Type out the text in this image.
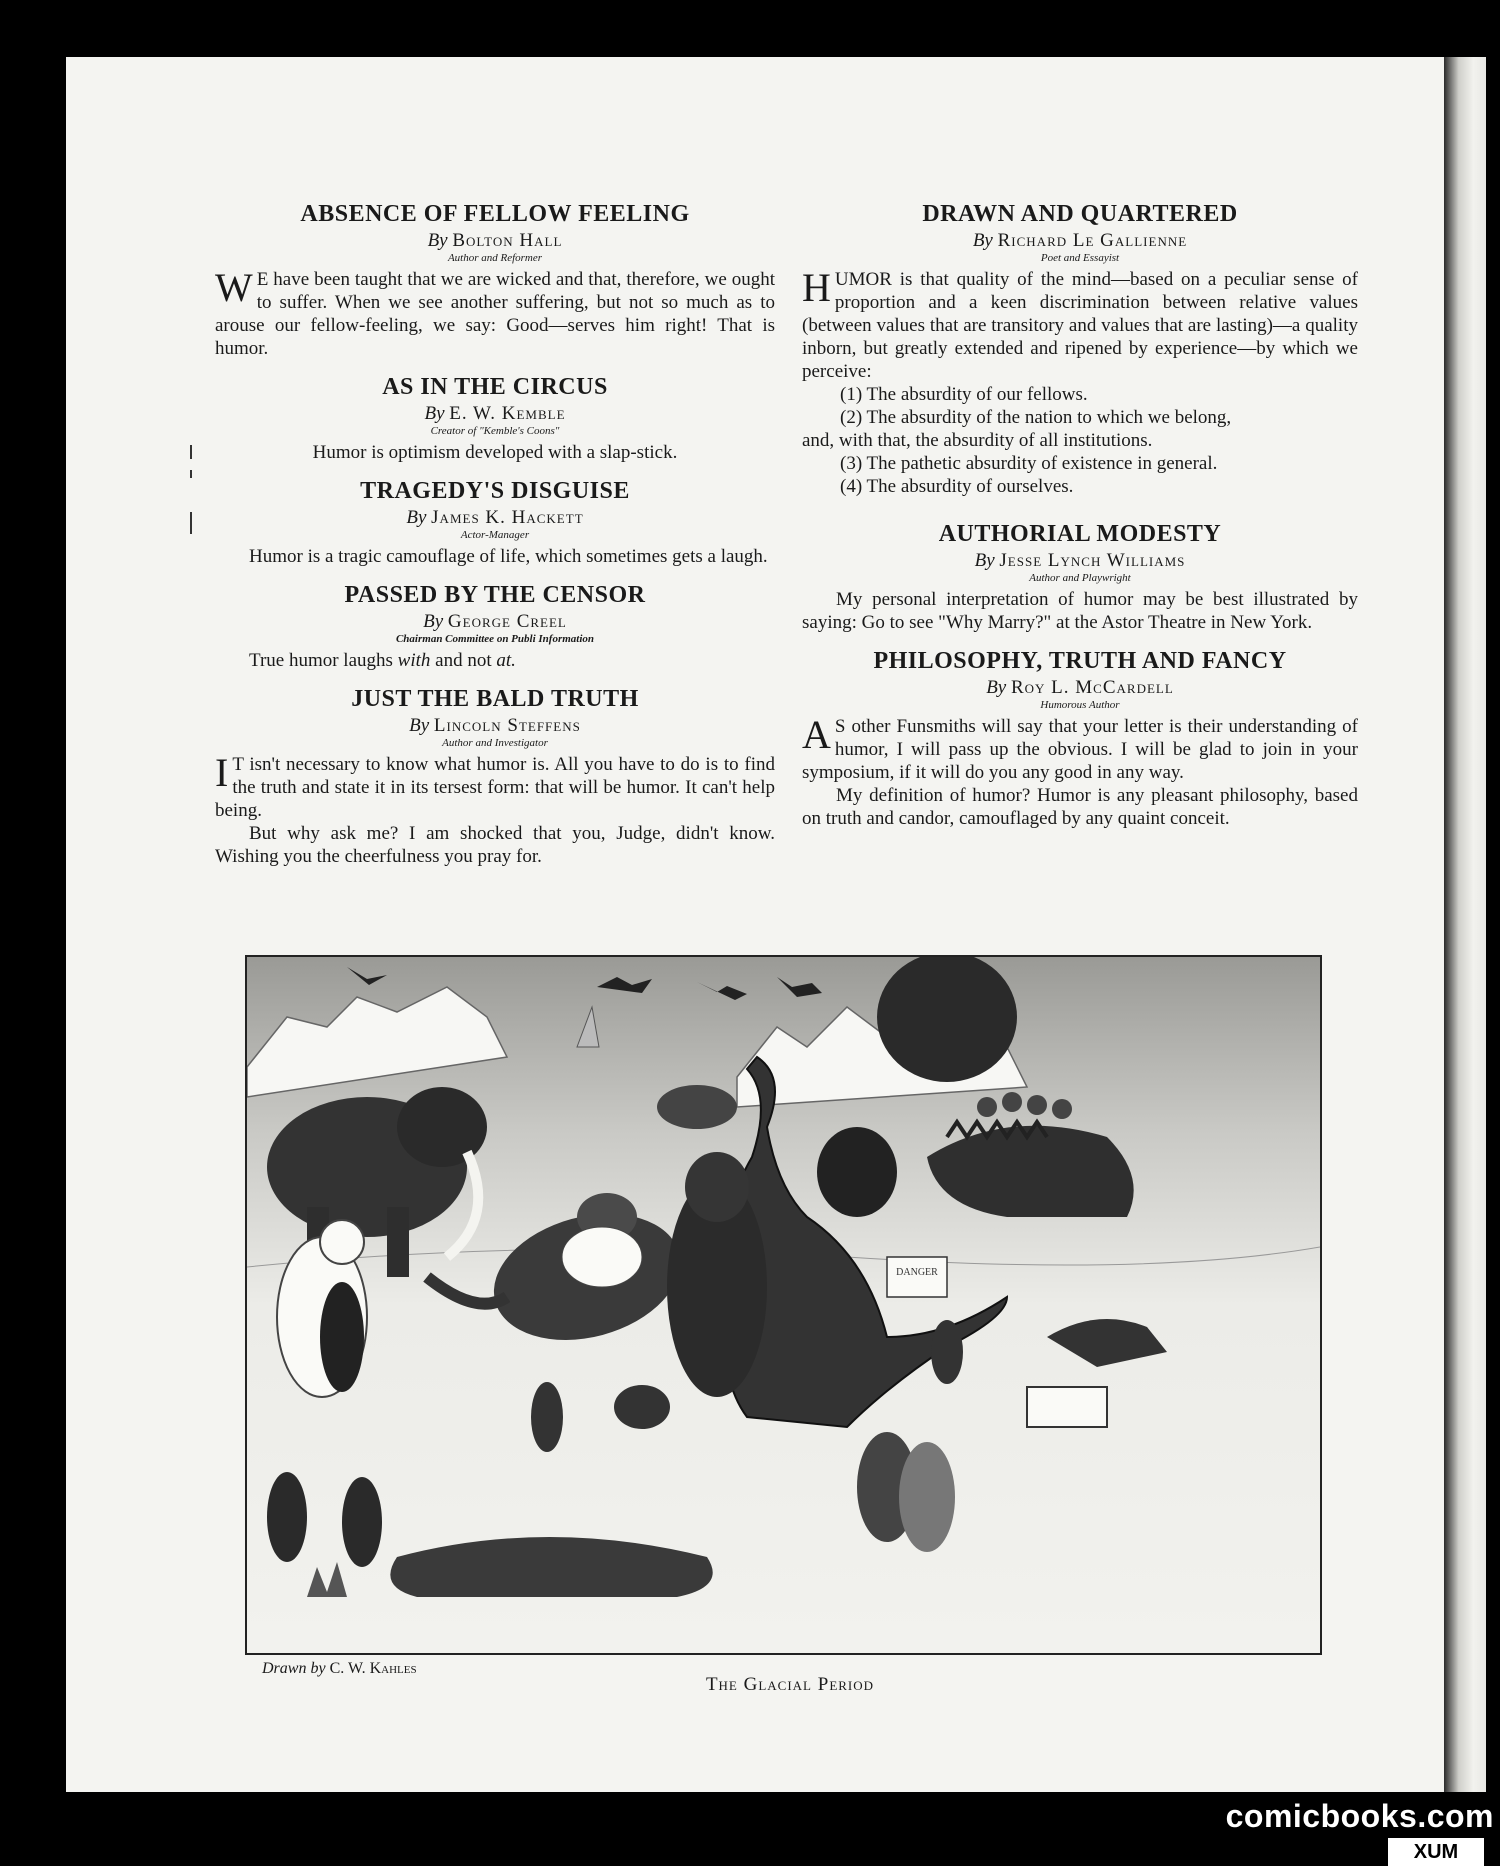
ABSENCE OF FELLOW FEELING
By Bolton Hall
Author and Reformer

W E have been taught that we are wicked and that, therefore, we ought to suffer. When we see another suffering, but not so much as to arouse our fellow-feeling, we say: Good—serves him right! That is humor.

AS IN THE CIRCUS
By E. W. Kemble
Creator of "Kemble's Coons"

Humor is optimism developed with a slap-stick.

TRAGEDY'S DISGUISE
By James K. Hackett
Actor-Manager

Humor is a tragic camouflage of life, which sometimes gets a laugh.

PASSED BY THE CENSOR
By George Creel
Chairman Committee on Publi Information

True humor laughs with and not at.

JUST THE BALD TRUTH
By Lincoln Steffens
Author and Investigator

I T isn't necessary to know what humor is. All you have to do is to find the truth and state it in its tersest form: that will be humor. It can't help being.

But why ask me? I am shocked that you, Judge, didn't know. Wishing you the cheerfulness you pray for.

DRAWN AND QUARTERED
By Richard Le Gallienne
Poet and Essayist

HUMOR is that quality of the mind—based on a peculiar sense of proportion and a keen discrimination between relative values (between values that are transitory and values that are lasting)—a quality inborn, but greatly extended and ripened by experience—by which we perceive:

(1) The absurdity of our fellows.

(2) The absurdity of the nation to which we belong,

and, with that, the absurdity of all institutions.

(3) The pathetic absurdity of existence in general.

(4) The absurdity of ourselves.

AUTHORIAL MODESTY
By Jesse Lynch Williams
Author and Playwright

My personal interpretation of humor may be best illustrated by saying: Go to see "Why Marry?" at the Astor Theatre in New York.

PHILOSOPHY, TRUTH AND FANCY
By Roy L. McCardell
Humorous Author

A S other Funsmiths will say that your letter is their understanding of humor, I will pass up the obvious. I will be glad to join in your symposium, if it will do you any good in any way.

My definition of humor? Humor is any pleasant philosophy, based on truth and candor, camouflaged by any quaint conceit.

DANGER
Drawn by C. W. Kahles
The Glacial Period
comicbooks.com
XUM
